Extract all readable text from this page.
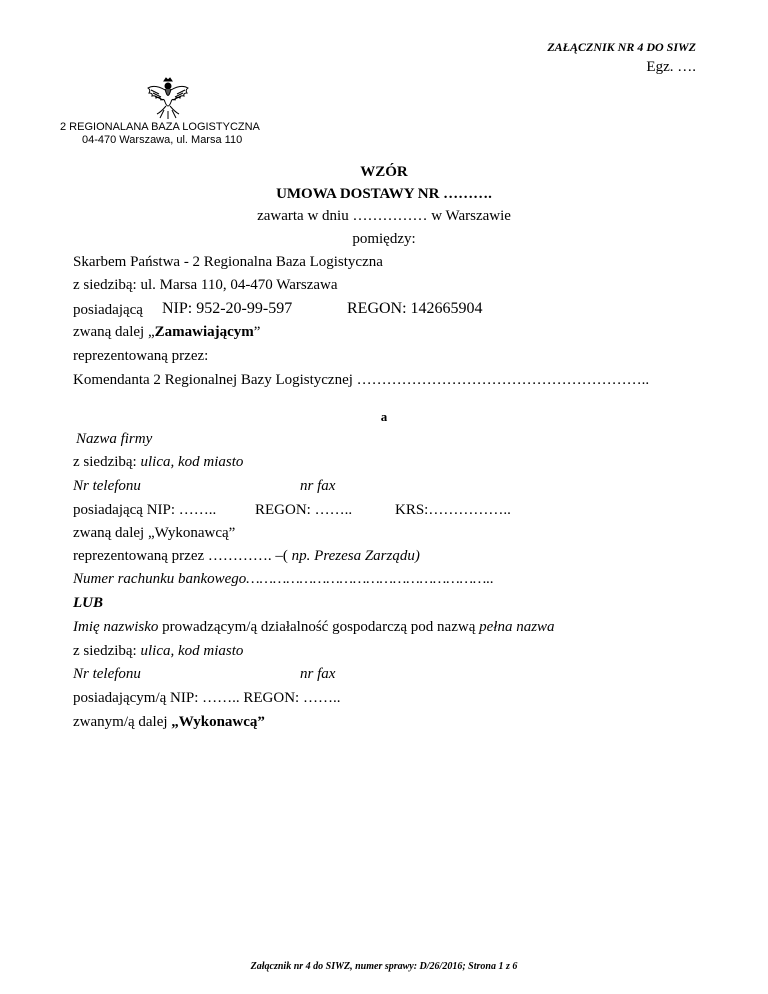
ZAŁĄCZNIK NR 4 DO SIWZ
Egz. ….
2 REGIONALANA BAZA LOGISTYCZNA
04-470 Warszawa, ul. Marsa 110
WZÓR
UMOWA DOSTAWY NR ……….
zawarta w dniu …………… w Warszawie
pomiędzy:
Skarbem Państwa - 2 Regionalna Baza Logistyczna
z siedzibą: ul. Marsa 110, 04-470 Warszawa
posiadającą NIP: 952-20-99-597	REGON: 142665904
zwaną dalej „Zamawiającym”
reprezentowaną przez:
Komendanta 2 Regionalnej Bazy Logistycznej …………………………………………………..
a
Nazwa firmy
z siedzibą: ulica, kod miasto
Nr telefonu	nr fax
posiadającą NIP: ……..	REGON: ……..	KRS:……………..
zwaną dalej „Wykonawcą”
reprezentowaną przez …………. –( np. Prezesa Zarządu)
Numer rachunku bankowego………………………………………………..
LUB
Imię nazwisko prowadzącym/ą działalność gospodarczą pod nazwą pełna nazwa
z siedzibą: ulica, kod miasto
Nr telefonu	nr fax
posiadającym/ą NIP: …….. REGON: ……..
zwanym/ą dalej „Wykonawcą”
Załącznik nr 4 do SIWZ, numer sprawy: D/26/2016; Strona 1 z 6
